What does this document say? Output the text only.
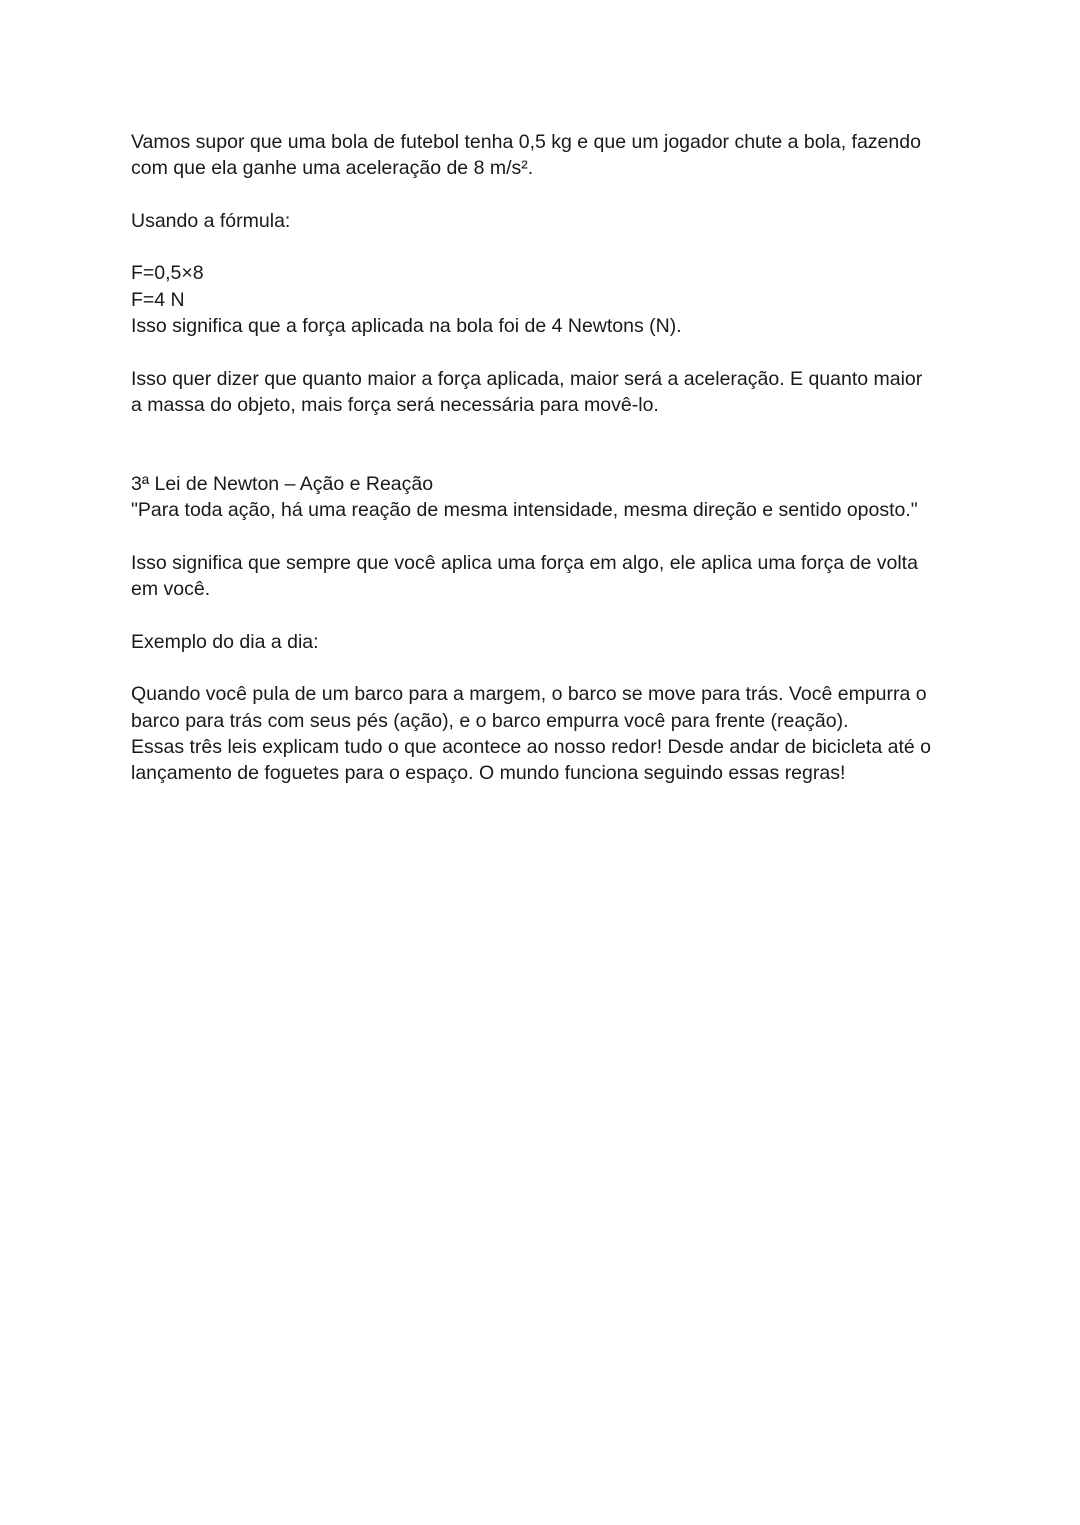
Vamos supor que uma bola de futebol tenha 0,5 kg e que um jogador chute a bola, fazendo
com que ela ganhe uma aceleração de 8 m/s².
Usando a fórmula:
F=0,5×8
F=4 N
Isso significa que a força aplicada na bola foi de 4 Newtons (N).
Isso quer dizer que quanto maior a força aplicada, maior será a aceleração. E quanto maior
a massa do objeto, mais força será necessária para movê-lo.
3ª Lei de Newton – Ação e Reação
"Para toda ação, há uma reação de mesma intensidade, mesma direção e sentido oposto."
Isso significa que sempre que você aplica uma força em algo, ele aplica uma força de volta
em você.
Exemplo do dia a dia:
Quando você pula de um barco para a margem, o barco se move para trás. Você empurra o
barco para trás com seus pés (ação), e o barco empurra você para frente (reação).
Essas três leis explicam tudo o que acontece ao nosso redor! Desde andar de bicicleta até o
lançamento de foguetes para o espaço. O mundo funciona seguindo essas regras!
